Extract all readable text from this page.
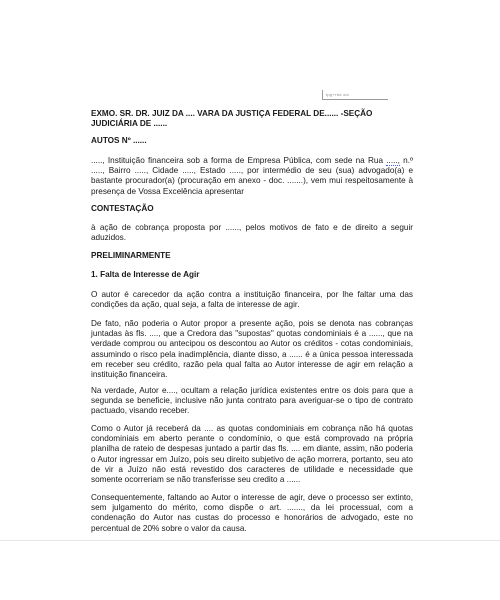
tpg+rbd a/c

EXMO. SR. DR. JUIZ DA .... VARA DA JUSTIÇA FEDERAL DE...... -SEÇÃO JUDICIÁRIA DE ......

AUTOS Nº ......

....., Instituição financeira sob a forma de Empresa Pública, com sede na Rua ....., n.º ....., Bairro ....., Cidade ....., Estado ....., por intermédio de seu (sua) advogado(a) e bastante procurador(a) (procuração em anexo - doc. .......), vem mui respeitosamente à presença de Vossa Excelência apresentar

CONTESTAÇÃO

à ação de cobrança proposta por ......, pelos motivos de fato e de direito a seguir aduzidos.

PRELIMINARMENTE

1. Falta de Interesse de Agir

O autor é carecedor da ação contra a instituição financeira, por lhe faltar uma das condições da ação, qual seja, a falta de interesse de agir.

De fato, não poderia o Autor propor a presente ação, pois se denota nas cobranças juntadas às fls. ...., que a Credora das "supostas" quotas condominiais é a ......, que na verdade comprou ou antecipou os descontou ao Autor os créditos - cotas condominiais, assumindo o risco pela inadimplência, diante disso, a ...... é a única pessoa interessada em receber seu crédito, razão pela qual falta ao Autor interesse de agir em relação a instituição financeira.

Na verdade, Autor e...., ocultam a relação jurídica existentes entre os dois para que a segunda se beneficie, inclusive não junta contrato para averiguar-se o tipo de contrato pactuado, visando receber.

Como o Autor já receberá da .... as quotas condominiais em cobrança não há quotas condominiais em aberto perante o condomínio, o que está comprovado na própria planilha de rateio de despesas juntado a partir das fls. .... em diante, assim, não poderia o Autor ingressar em Juízo, pois seu direito subjetivo de ação morrera, portanto, seu ato de vir a Juízo não está revestido dos caracteres de utilidade e necessidade que somente ocorreriam se não transferisse seu credito a ......

Consequentemente, faltando ao Autor o interesse de agir, deve o processo ser extinto, sem julgamento do mérito, como dispõe o art. ......., da lei processual, com a condenação do Autor nas custas do processo e honorários de advogado, este no percentual de 20% sobre o valor da causa.
